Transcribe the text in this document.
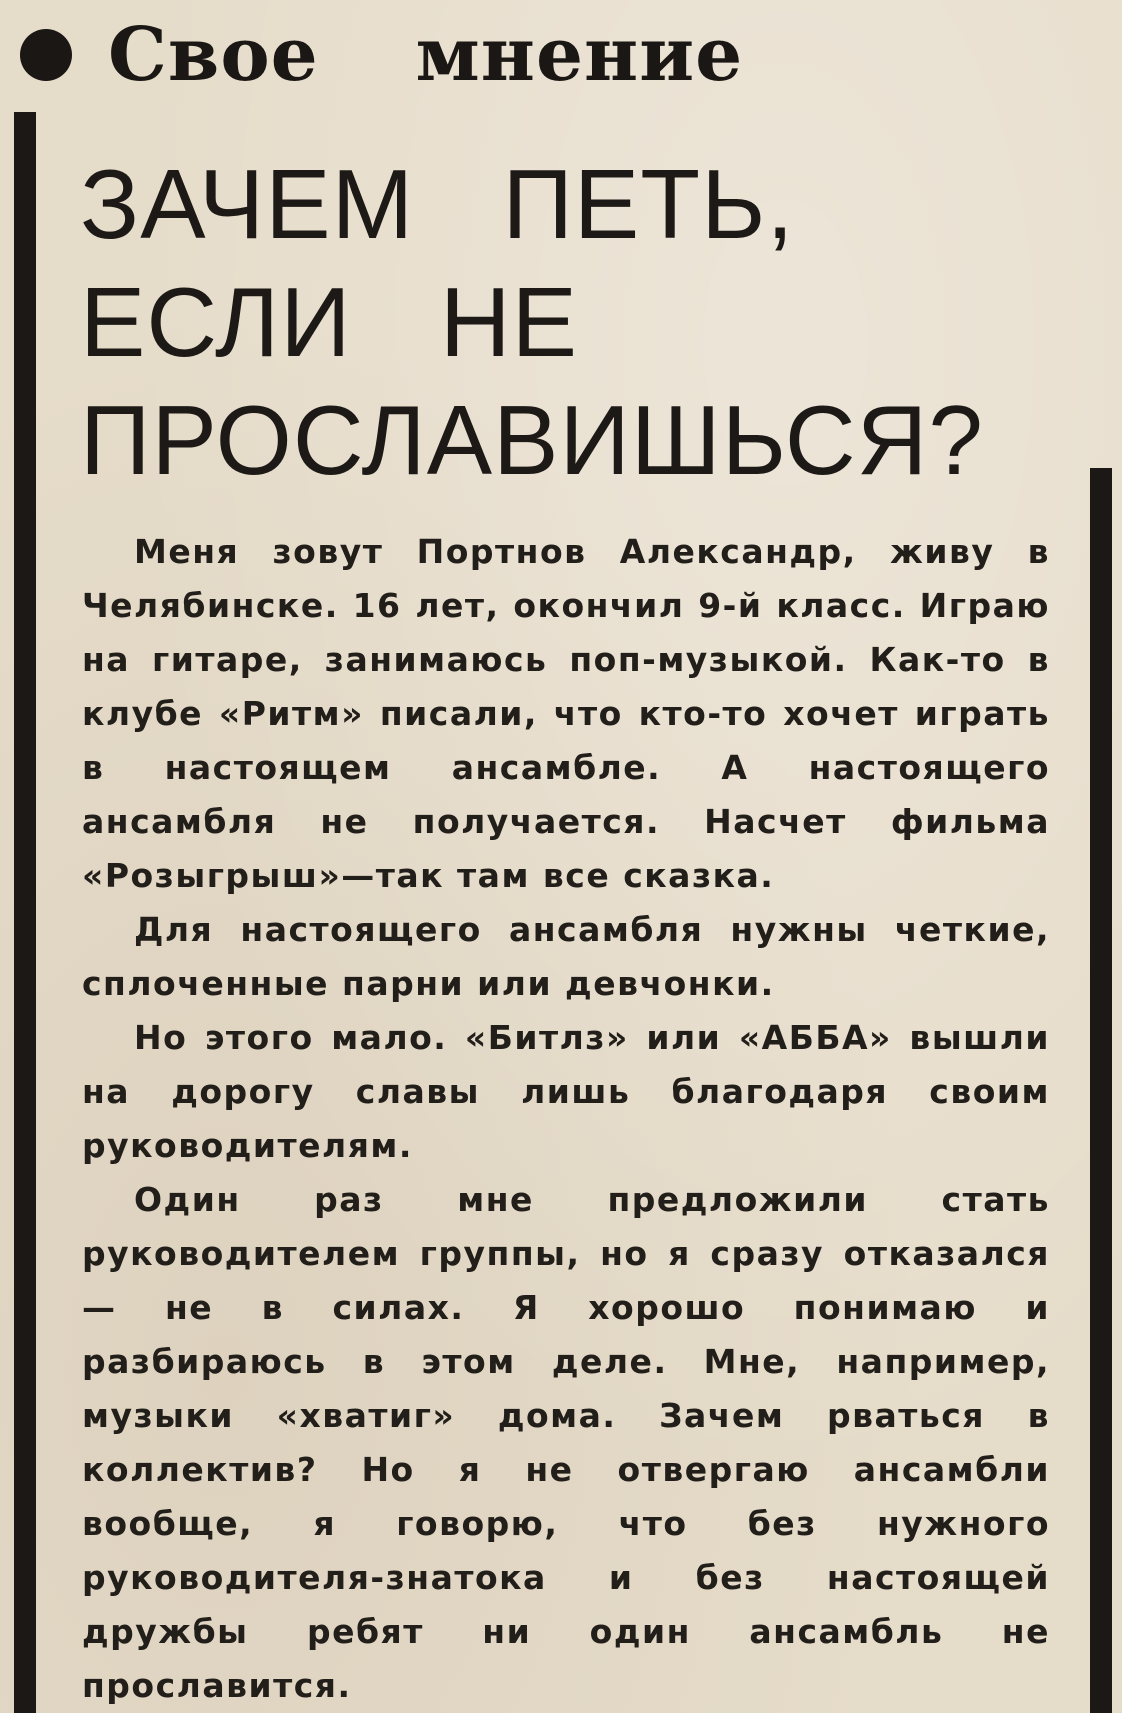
Свое мнение
ЗАЧЕМ ПЕТЬ,
ЕСЛИ НЕ
ПРОСЛАВИШЬСЯ?

Меня зовут Портнов Александр, живу в Челябинске. 16 лет, окончил 9-й класс. Играю на гитаре, занимаюсь поп-музыкой. Как-то в клубе «Ритм» писали, что кто-то хочет играть в настоящем ансамбле. А настоящего ансамбля не получается. Насчет фильма «Розыгрыш»—так там все сказка.

Для настоящего ансамбля нужны четкие, сплоченные парни или девчонки.

Но этого мало. «Битлз» или «АББА» вышли на дорогу славы лишь благодаря своим руководителям.

Один раз мне предложили стать руководителем группы, но я сразу отказался — не в силах. Я хорошо понимаю и разбираюсь в этом деле. Мне, например, музыки «хватиг» дома. Зачем рваться в коллектив? Но я не отвергаю ансамбли вообще, я говорю, что без нужного руководителя-знатока и без настоящей дружбы ребят ни один ансамбль не прославится.
